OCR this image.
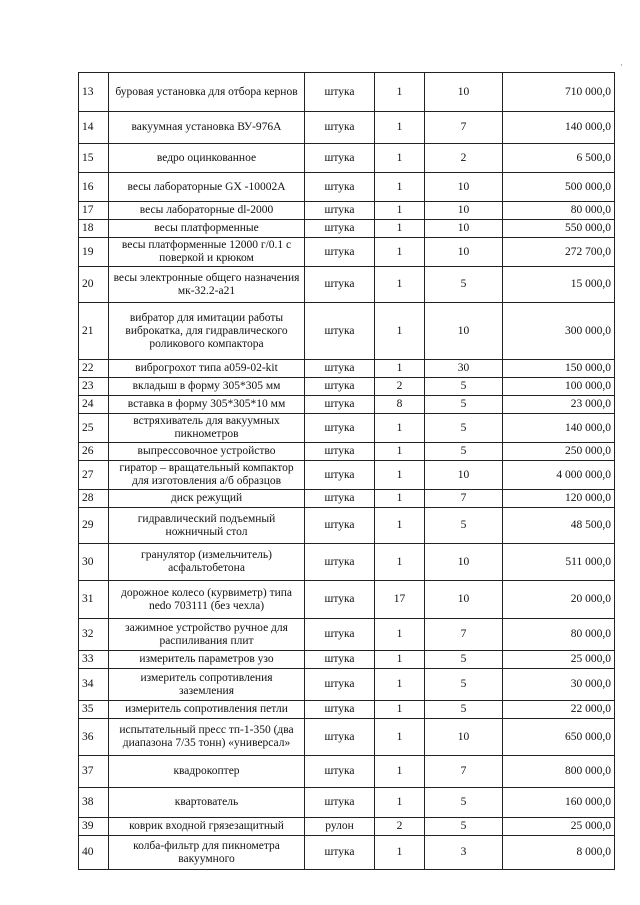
·
13	буровая установка для отбора кернов	штука	1	10	710 000,0
14	вакуумная установка ВУ-976А	штука	1	7	140 000,0
15	ведро оцинкованное	штука	1	2	6 500,0
16	весы лабораторные GX -10002A	штука	1	10	500 000,0
17	весы лабораторные dl-2000	штука	1	10	80 000,0
18	весы платформенные	штука	1	10	550 000,0
19	весы платформенные 12000 г/0.1 с поверкой и крюком	штука	1	10	272 700,0
20	весы электронные общего назначения мк-32.2-а21	штука	1	5	15 000,0
21	вибратор для имитации работы виброкатка, для гидравлического роликового компактора	штука	1	10	300 000,0
22	виброгрохот типа а059-02-kit	штука	1	30	150 000,0
23	вкладыш в форму 305*305 мм	штука	2	5	100 000,0
24	вставка в форму 305*305*10 мм	штука	8	5	23 000,0
25	встряхиватель для вакуумных пикнометров	штука	1	5	140 000,0
26	выпрессовочное устройство	штука	1	5	250 000,0
27	гиратор – вращательный компактор для изготовления а/б образцов	штука	1	10	4 000 000,0
28	диск режущий	штука	1	7	120 000,0
29	гидравлический подъемный ножничный стол	штука	1	5	48 500,0
30	гранулятор (измельчитель) асфальтобетона	штука	1	10	511 000,0
31	дорожное колесо (курвиметр) типа nedo 703111 (без чехла)	штука	17	10	20 000,0
32	зажимное устройство ручное для распиливания плит	штука	1	7	80 000,0
33	измеритель параметров узо	штука	1	5	25 000,0
34	измеритель сопротивления заземления	штука	1	5	30 000,0
35	измеритель сопротивления петли	штука	1	5	22 000,0
36	испытательный пресс тп-1-350 (два диапазона 7/35 тонн) «универсал»	штука	1	10	650 000,0
37	квадрокоптер	штука	1	7	800 000,0
38	квартователь	штука	1	5	160 000,0
39	коврик входной грязезащитный	рулон	2	5	25 000,0
40	колба-фильтр для пикнометра вакуумного	штука	1	3	8 000,0
